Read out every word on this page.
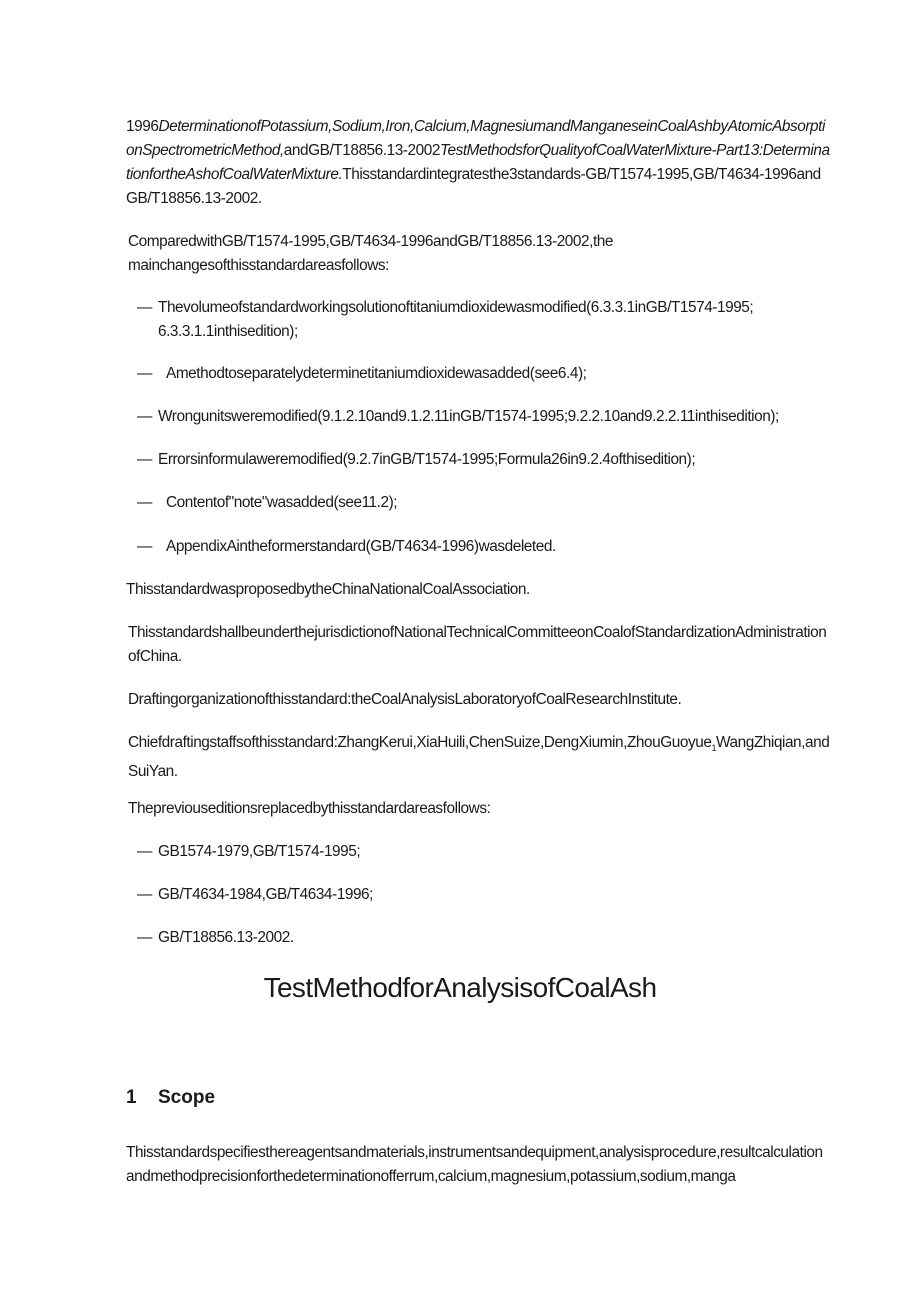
1996DeterminationofPotassium,Sodium,Iron,Calcium,MagnesiumandManganeseinCoalAshbyAtomicAbsorptionSpectrometricMethod,andGB/T18856.13-2002TestMethodsforQualityofCoalWaterMixture-Part13:DeterminationfortheAshofCoalWaterMixture.Thisstandardintegratesthe3standards-GB/T1574-1995,GB/T4634-1996andGB/T18856.13-2002.
ComparedwithGB/T1574-1995,GB/T4634-1996andGB/T18856.13-2002,themainchangesofthisstandardareasfollows:
— Thevolumeofstandardworkingsolutionoftitaniumdioxidewasmodified(6.3.3.1inGB/T1574-1995;6.3.3.1.1inthisedition);
— Amethodtoseparatelydeterminetitaniumdioxidewasadded(see6.4);
— Wrongunitsweremodified(9.1.2.10and9.1.2.11inGB/T1574-1995;9.2.2.10and9.2.2.11inthisedition);
— Errorsinformulaweremodified(9.2.7inGB/T1574-1995;Formula26in9.2.4ofthisedition);
— Contentof"note"wasadded(see11.2);
— AppendixAintheformerstandard(GB/T4634-1996)wasdeleted.
ThisstandardwasproposedbytheChinaNationalCoalAssociation.
ThisstandardshallbeunderthejurisdictionofNationalTechnicalCommitteeonCoalofStandardizationAdministrationofChina.
Draftingorganizationofthisstandard:theCoalAnalysisLaboratoryofCoalResearchInstitute.
Chiefdraftingstaffsofthisstandard:ZhangKerui,XiaHuili,ChenSuize,DengXiumin,ZhouGuoyue$_1$WangZhiqian,andSuiYan.
Thepreviouseditionsreplacedbythisstandardareasfollows:
— GB1574-1979,GB/T1574-1995;
— GB/T4634-1984,GB/T4634-1996;
— GB/T18856.13-2002.
TestMethodforAnalysisofCoalAsh
1 Scope
Thisstandardspecifiesthereagentsandmaterials,instrumentsandequipment,analysisprocedure,resultcalculationandmethodprecisionforthedeterminationofferrum,calcium,magnesium,potassium,sodium,manga
